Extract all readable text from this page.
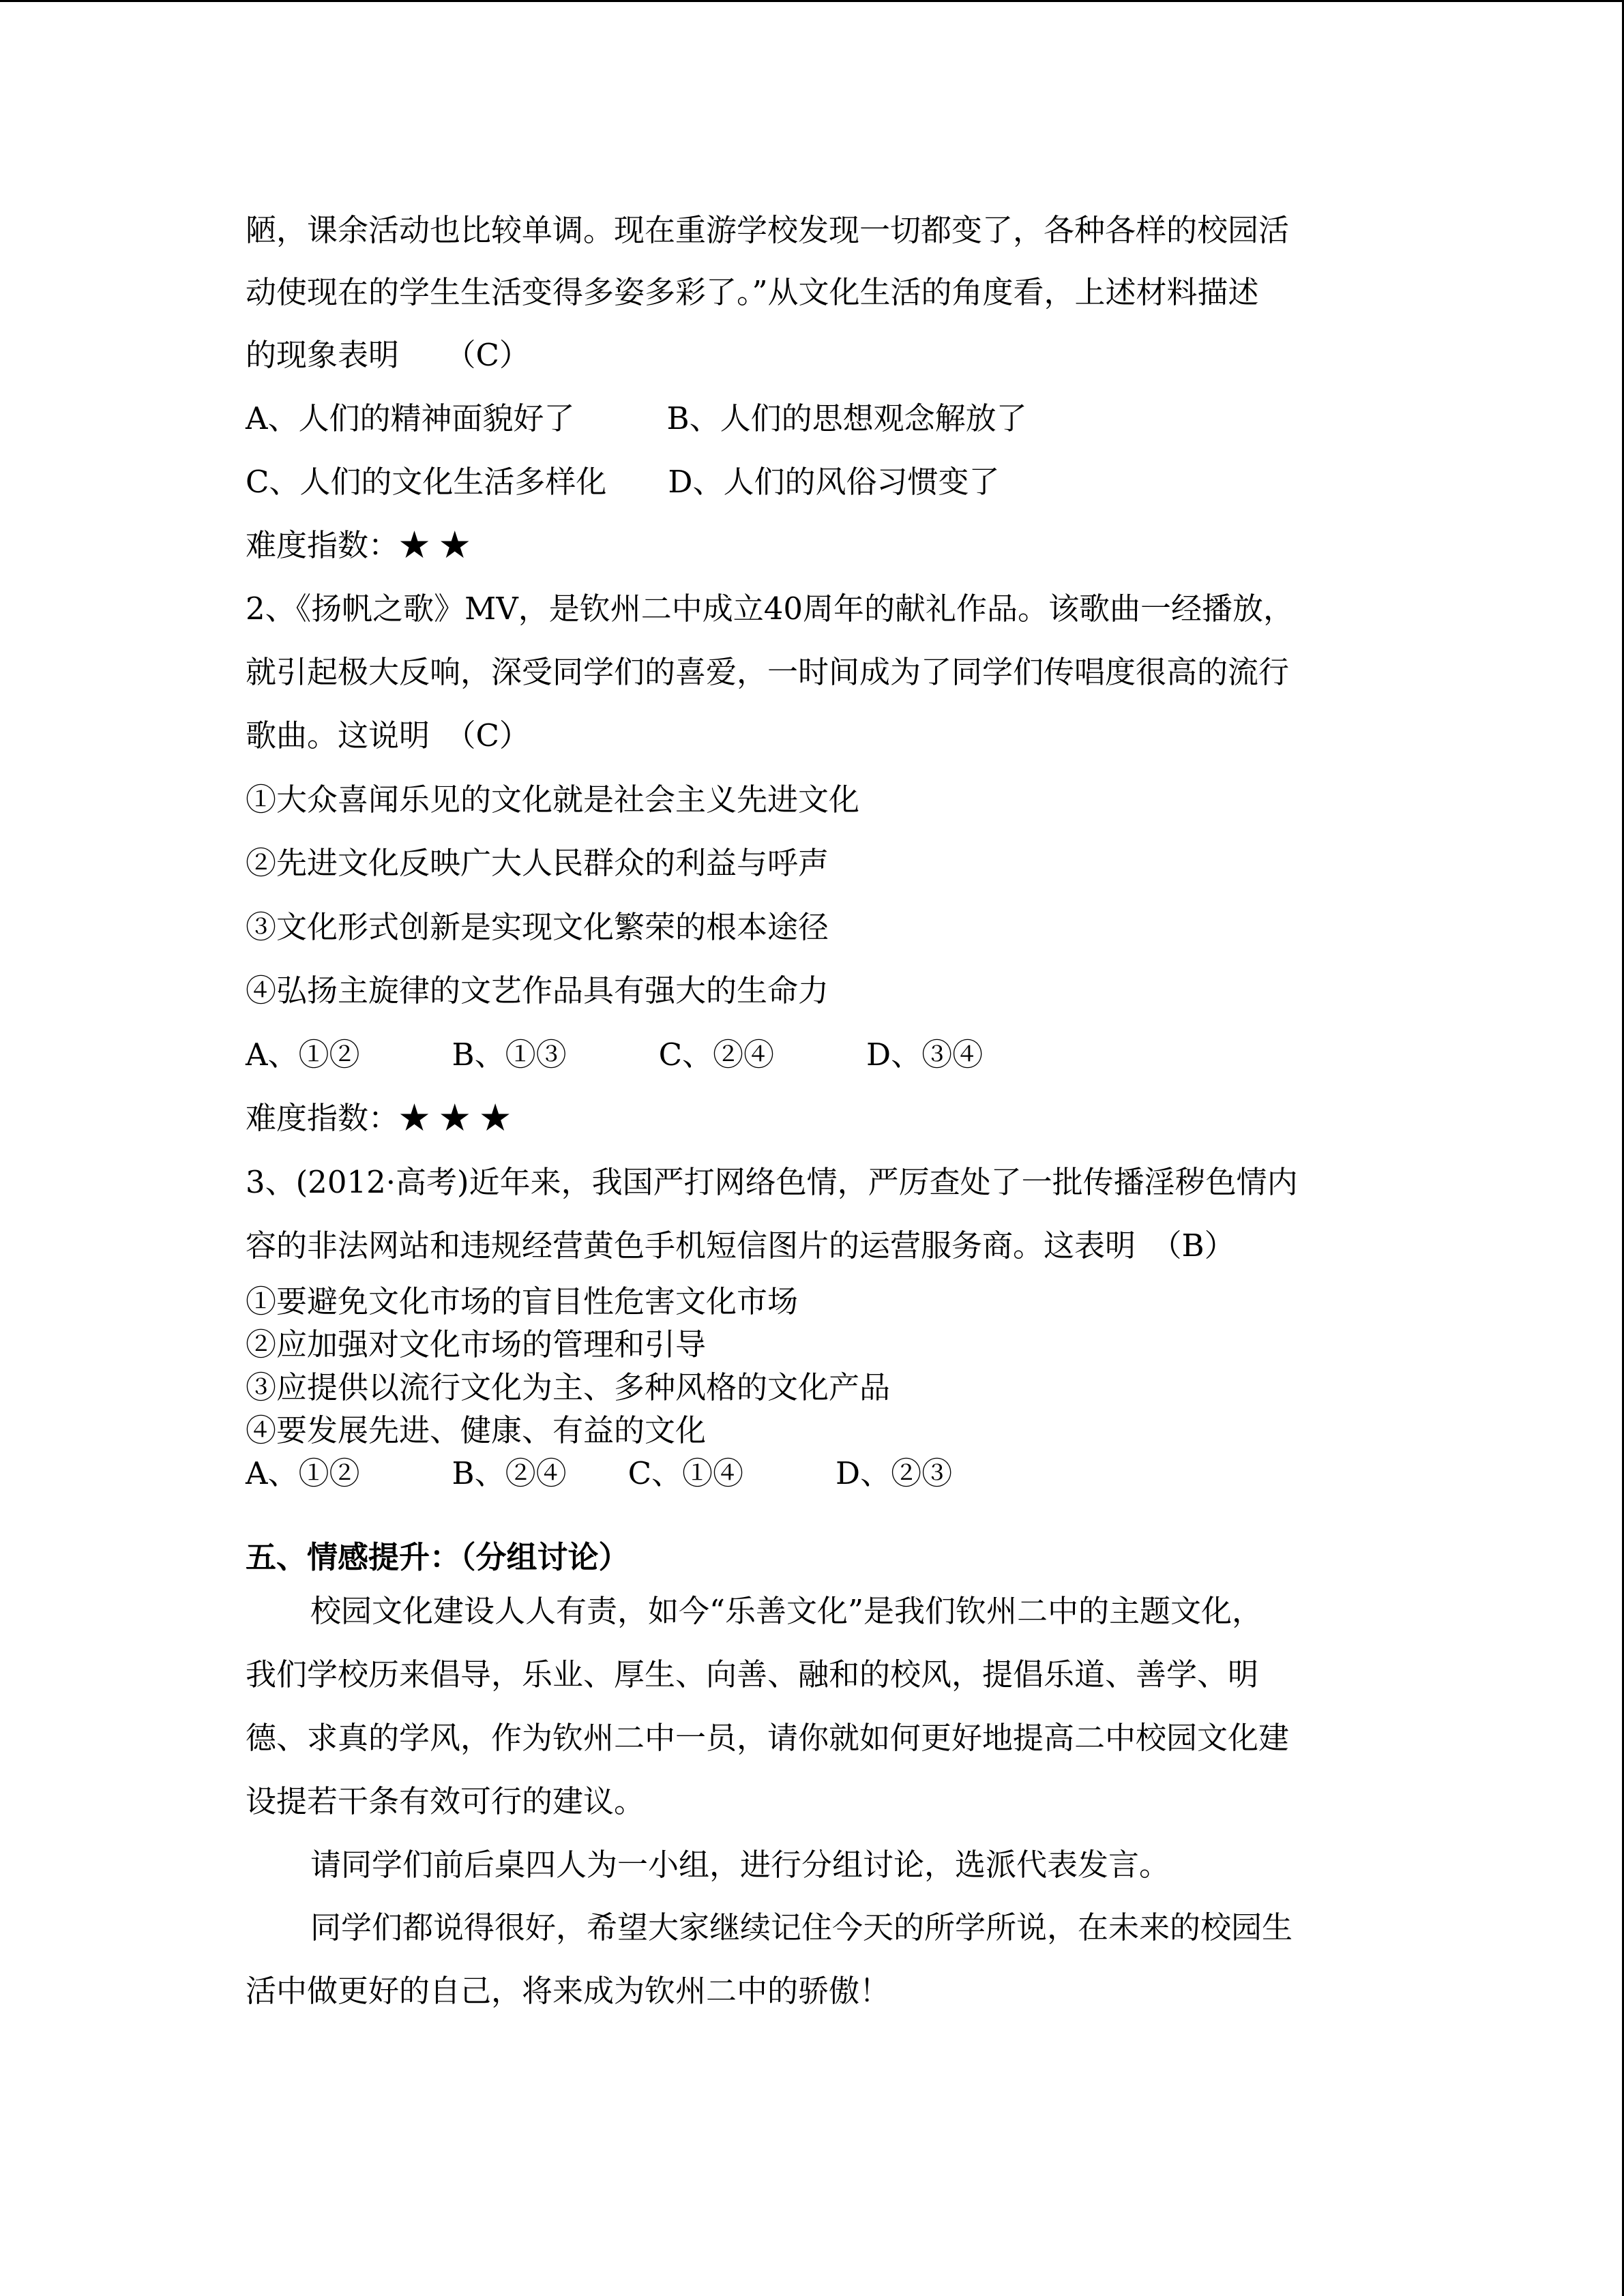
陋，课余活动也比较单调。现在重游学校发现一切都变了，各种各样的校园活
动使现在的学生生活变得多姿多彩了。”从文化生活的角度看，上述材料描述
的现象表明　　（C）
A、人们的精神面貌好了　　　B、人们的思想观念解放了
C、人们的文化生活多样化　　D、人们的风俗习惯变了
难度指数：★ ★
2、《扬帆之歌》MV，是钦州二中成立40周年的献礼作品。该歌曲一经播放，
就引起极大反响，深受同学们的喜爱，一时间成为了同学们传唱度很高的流行
歌曲。这说明　（C）
①大众喜闻乐见的文化就是社会主义先进文化
②先进文化反映广大人民群众的利益与呼声
③文化形式创新是实现文化繁荣的根本途径
④弘扬主旋律的文艺作品具有强大的生命力
A、①②　　　B、①③　　　C、②④　　　D、③④
难度指数：★ ★ ★
3、(2012·高考)近年来，我国严打网络色情，严厉查处了一批传播淫秽色情内
容的非法网站和违规经营黄色手机短信图片的运营服务商。这表明　（B）
①要避免文化市场的盲目性危害文化市场
②应加强对文化市场的管理和引导
③应提供以流行文化为主、多种风格的文化产品
④要发展先进、健康、有益的文化
A、①②　　　B、②④　　C、①④　　　D、②③
五、情感提升：（分组讨论）
校园文化建设人人有责，如今“乐善文化”是我们钦州二中的主题文化，
我们学校历来倡导，乐业、厚生、向善、融和的校风，提倡乐道、善学、明
德、求真的学风，作为钦州二中一员，请你就如何更好地提高二中校园文化建
设提若干条有效可行的建议。
请同学们前后桌四人为一小组，进行分组讨论，选派代表发言。
同学们都说得很好，希望大家继续记住今天的所学所说，在未来的校园生
活中做更好的自己，将来成为钦州二中的骄傲！
